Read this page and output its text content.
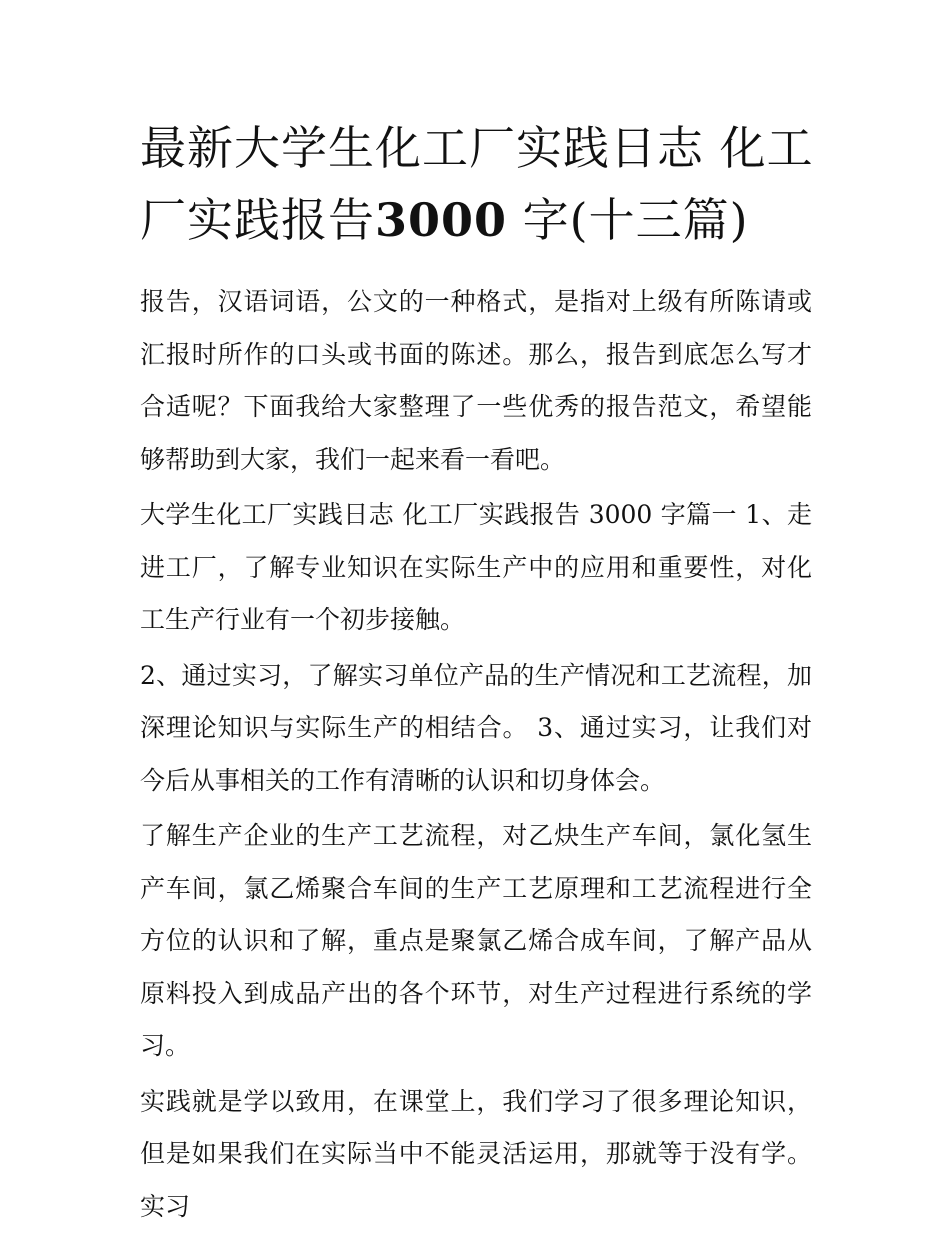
最新大学生化工厂实践日志 化工厂实践报告3000 字(十三篇)

报告，汉语词语，公文的一种格式，是指对上级有所陈请或汇报时所作的口头或书面的陈述。那么，报告到底怎么写才合适呢？下面我给大家整理了一些优秀的报告范文，希望能够帮助到大家，我们一起来看一看吧。

大学生化工厂实践日志 化工厂实践报告 3000 字篇一 1、走进工厂，了解专业知识在实际生产中的应用和重要性，对化工生产行业有一个初步接触。

2、通过实习，了解实习单位产品的生产情况和工艺流程，加深理论知识与实际生产的相结合。 3、通过实习，让我们对今后从事相关的工作有清晰的认识和切身体会。

了解生产企业的生产工艺流程，对乙炔生产车间，氯化氢生产车间，氯乙烯聚合车间的生产工艺原理和工艺流程进行全方位的认识和了解，重点是聚氯乙烯合成车间，了解产品从原料投入到成品产出的各个环节，对生产过程进行系统的学习。

实践就是学以致用，在课堂上，我们学习了很多理论知识，但是如果我们在实际当中不能灵活运用，那就等于没有学。实习
